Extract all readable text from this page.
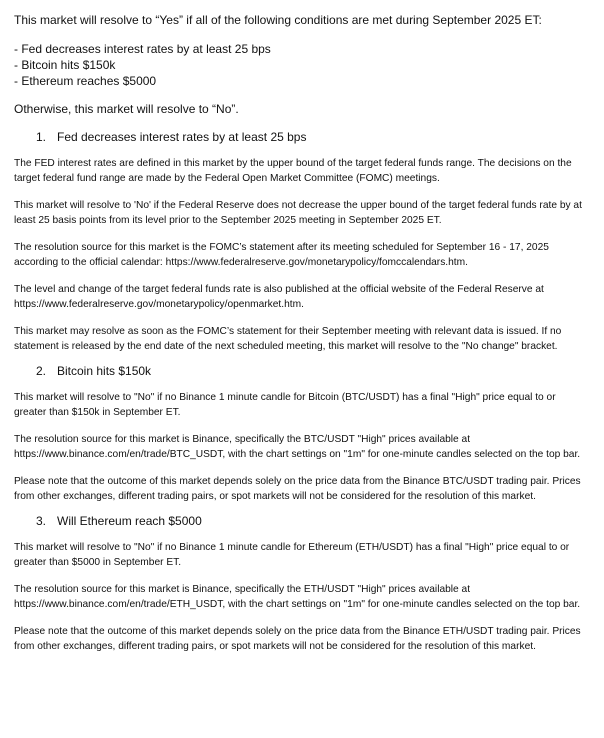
This market will resolve to “Yes” if all of the following conditions are met during September 2025 ET:

- Fed decreases interest rates by at least 25 bps
- Bitcoin hits $150k
- Ethereum reaches $5000

Otherwise, this market will resolve to “No”.

1. Fed decreases interest rates by at least 25 bps

The FED interest rates are defined in this market by the upper bound of the target federal funds range. The decisions on the target federal fund range are made by the Federal Open Market Committee (FOMC) meetings.

This market will resolve to 'No' if the Federal Reserve does not decrease the upper bound of the target federal funds rate by at least 25 basis points from its level prior to the September 2025 meeting in September 2025 ET.

The resolution source for this market is the FOMC’s statement after its meeting scheduled for September 16 - 17, 2025 according to the official calendar: https://www.federalreserve.gov/monetarypolicy/fomccalendars.htm.

The level and change of the target federal funds rate is also published at the official website of the Federal Reserve at https://www.federalreserve.gov/monetarypolicy/openmarket.htm.

This market may resolve as soon as the FOMC’s statement for their September meeting with relevant data is issued. If no statement is released by the end date of the next scheduled meeting, this market will resolve to the "No change" bracket.

2. Bitcoin hits $150k

This market will resolve to "No" if no Binance 1 minute candle for Bitcoin (BTC/USDT) has a final "High" price equal to or greater than $150k in September ET.

The resolution source for this market is Binance, specifically the BTC/USDT "High" prices available at https://www.binance.com/en/trade/BTC_USDT, with the chart settings on "1m" for one-minute candles selected on the top bar.

Please note that the outcome of this market depends solely on the price data from the Binance BTC/USDT trading pair. Prices from other exchanges, different trading pairs, or spot markets will not be considered for the resolution of this market.

3. Will Ethereum reach $5000

This market will resolve to "No" if no Binance 1 minute candle for Ethereum (ETH/USDT) has a final "High" price equal to or greater than $5000 in September ET.

The resolution source for this market is Binance, specifically the ETH/USDT "High" prices available at https://www.binance.com/en/trade/ETH_USDT, with the chart settings on "1m" for one-minute candles selected on the top bar.

Please note that the outcome of this market depends solely on the price data from the Binance ETH/USDT trading pair. Prices from other exchanges, different trading pairs, or spot markets will not be considered for the resolution of this market.
